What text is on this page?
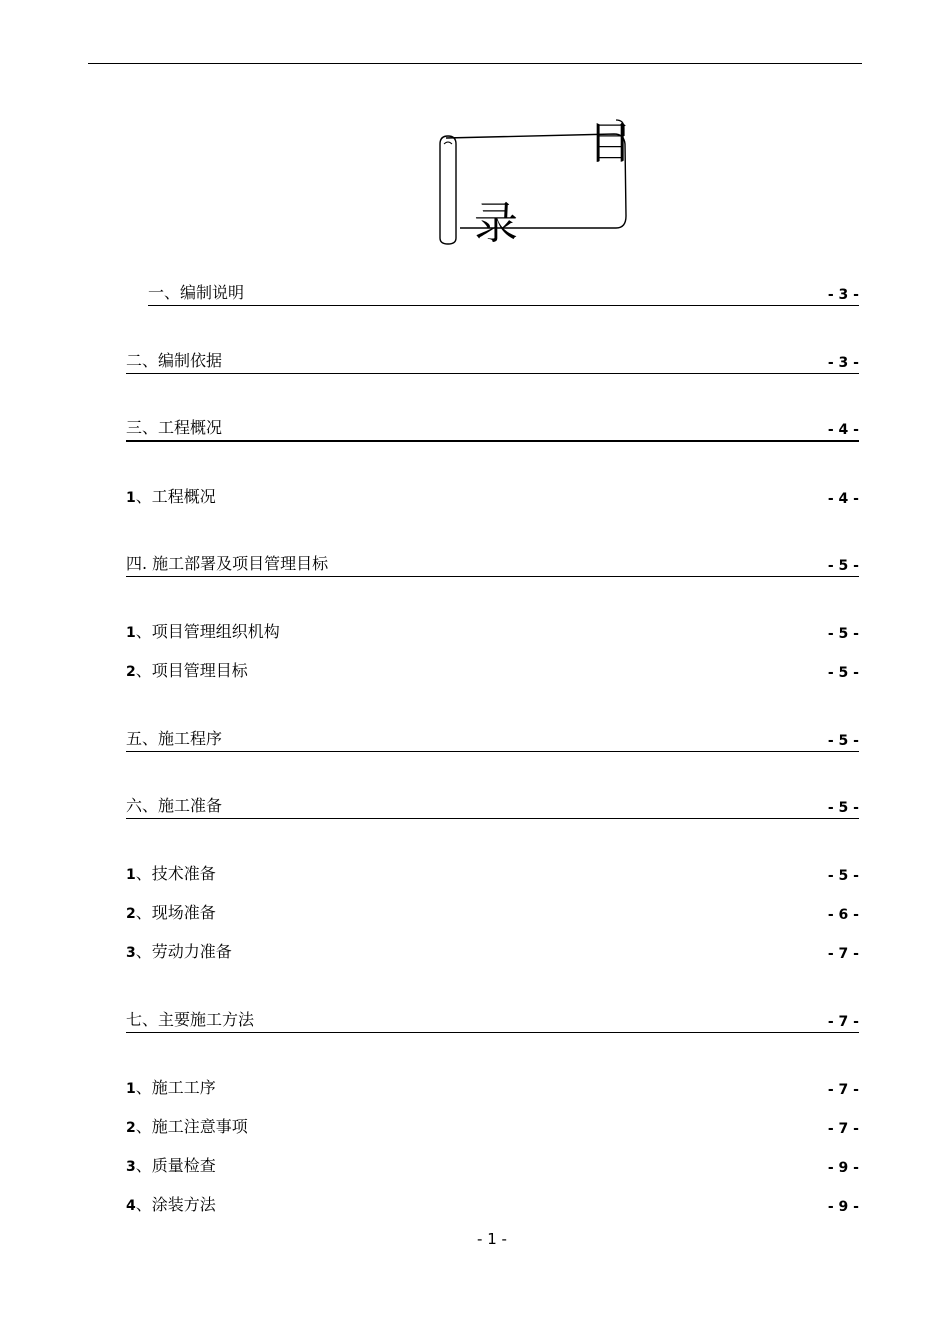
目
录
一、编制说明	- 3 -
二、编制依据	- 3 -
三、工程概况	- 4 -
1、工程概况	- 4 -
四. 施工部署及项目管理目标	- 5 -
1、项目管理组织机构	- 5 -
2、项目管理目标	- 5 -
五、施工程序	- 5 -
六、施工准备	- 5 -
1、技术准备	- 5 -
2、现场准备	- 6 -
3、劳动力准备	- 7 -
七、主要施工方法	- 7 -
1、施工工序	- 7 -
2、施工注意事项	- 7 -
3、质量检查	- 9 -
4、涂装方法	- 9 -
- 1 -
